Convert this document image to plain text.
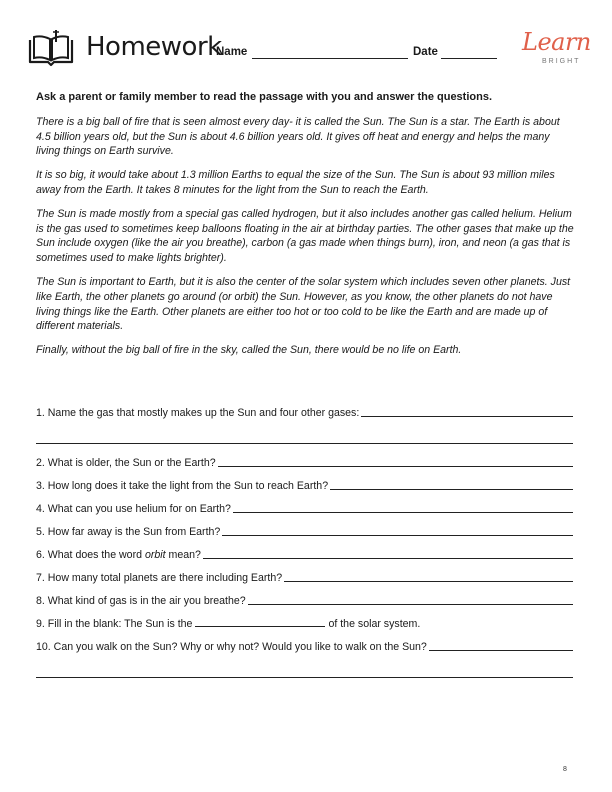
Homework
Name	Date	Learn
BRIGHT

Ask a parent or family member to read the passage with you and answer the questions.

There is a big ball of fire that is seen almost every day- it is called the Sun. The Sun is a star. The Earth is about 4.5 billion years old, but the Sun is about 4.6 billion years old. It gives off heat and energy and helps the many living things on Earth survive.

It is so big, it would take about 1.3 million Earths to equal the size of the Sun. The Sun is about 93 million miles away from the Earth. It takes 8 minutes for the light from the Sun to reach the Earth.

The Sun is made mostly from a special gas called hydrogen, but it also includes another gas called helium. Helium is the gas used to sometimes keep balloons floating in the air at birthday parties. The other gases that make up the Sun include oxygen (like the air you breathe), carbon (a gas made when things burn), iron, and neon (a gas that is sometimes used to make lights brighter).

The Sun is important to Earth, but it is also the center of the solar system which includes seven other planets. Just like Earth, the other planets go around (or orbit) the Sun. However, as you know, the other planets do not have living things like the Earth. Other planets are either too hot or too cold to be like the Earth and are made up of different materials.

Finally, without the big ball of fire in the sky, called the Sun, there would be no life on Earth.

1. Name the gas that mostly makes up the Sun and four other gases:
2. What is older, the Sun or the Earth?
3. How long does it take the light from the Sun to reach Earth?
4. What can you use helium for on Earth?
5. How far away is the Sun from Earth?
6. What does the word orbit mean?
7. How many total planets are there including Earth?
8. What kind of gas is in the air you breathe?
9. Fill in the blank: The Sun is the	of the solar system.
10. Can you walk on the Sun? Why or why not? Would you like to walk on the Sun?
8
